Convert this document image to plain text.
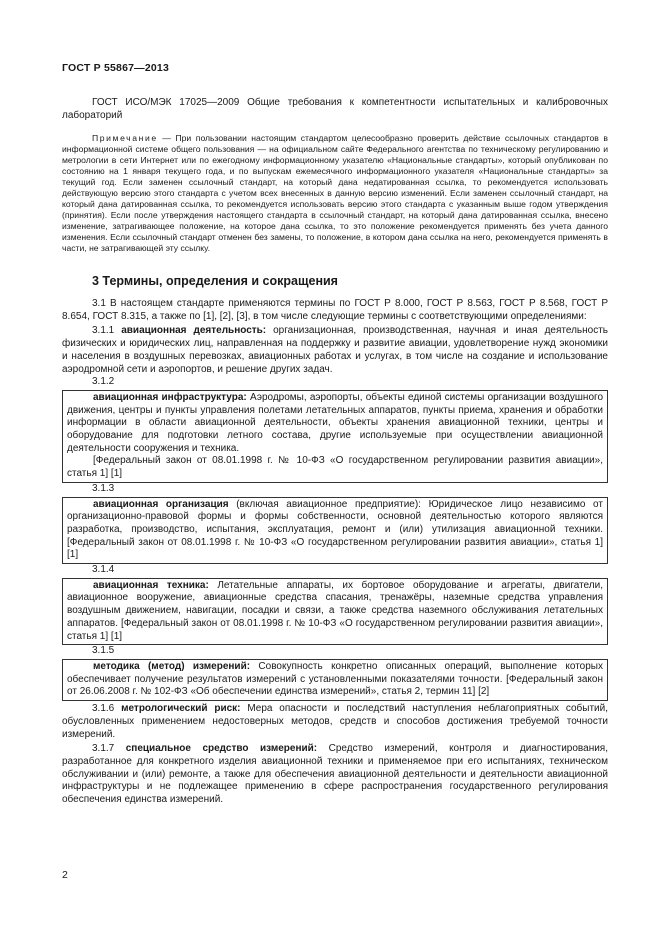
ГОСТ Р 55867—2013

ГОСТ ИСО/МЭК 17025—2009 Общие требования к компетентности испытательных и калибровочных лабораторий

Примечание — При пользовании настоящим стандартом целесообразно проверить действие ссылочных стандартов в информационной системе общего пользования — на официальном сайте Федерального агентства по техническому регулированию и метрологии в сети Интернет или по ежегодному информационному указателю «Национальные стандарты», который опубликован по состоянию на 1 января текущего года, и по выпускам ежемесячного информационного указателя «Национальные стандарты» за текущий год. Если заменен ссылочный стандарт, на который дана недатированная ссылка, то рекомендуется использовать действующую версию этого стандарта с учетом всех внесенных в данную версию изменений. Если заменен ссылочный стандарт, на который дана датированная ссылка, то рекомендуется использовать версию этого стандарта с указанным выше годом утверждения (принятия). Если после утверждения настоящего стандарта в ссылочный стандарт, на который дана датированная ссылка, внесено изменение, затрагивающее положение, на которое дана ссылка, то это положение рекомендуется применять без учета данного изменения. Если ссылочный стандарт отменен без замены, то положение, в котором дана ссылка на него, рекомендуется применять в части, не затрагивающей эту ссылку.

3 Термины, определения и сокращения

3.1 В настоящем стандарте применяются термины по ГОСТ Р 8.000, ГОСТ Р 8.563, ГОСТ Р 8.568, ГОСТ Р 8.654, ГОСТ 8.315, а также по [1], [2], [3], в том числе следующие термины с соответствующими определениями:

3.1.1 авиационная деятельность: организационная, производственная, научная и иная деятельность физических и юридических лиц, направленная на поддержку и развитие авиации, удовлетворение нужд экономики и населения в воздушных перевозках, авиационных работах и услугах, в том числе на создание и использование аэродромной сети и аэропортов, и решение других задач.

3.1.2

авиационная инфраструктура: Аэродромы, аэропорты, объекты единой системы организации воздушного движения, центры и пункты управления полетами летательных аппаратов, пункты приема, хранения и обработки информации в области авиационной деятельности, объекты хранения авиационной техники, центры и оборудование для подготовки летного состава, другие используемые при осуществлении авиационной деятельности сооружения и техника.

[Федеральный закон от 08.01.1998 г. № 10-ФЗ «О государственном регулировании развития авиации», статья 1] [1]

3.1.3

авиационная организация (включая авиационное предприятие): Юридическое лицо независимо от организационно-правовой формы и формы собственности, основной деятельностью которого являются разработка, производство, испытания, эксплуатация, ремонт и (или) утилизация авиационной техники. [Федеральный закон от 08.01.1998 г. № 10-ФЗ «О государственном регулировании развития авиации», статья 1] [1]

3.1.4

авиационная техника: Летательные аппараты, их бортовое оборудование и агрегаты, двигатели, авиационное вооружение, авиационные средства спасания, тренажёры, наземные средства управления воздушным движением, навигации, посадки и связи, а также средства наземного обслуживания летательных аппаратов. [Федеральный закон от 08.01.1998 г. № 10-ФЗ «О государственном регулировании развития авиации», статья 1] [1]

3.1.5

методика (метод) измерений: Совокупность конкретно описанных операций, выполнение которых обеспечивает получение результатов измерений с установленными показателями точности. [Федеральный закон от 26.06.2008 г. № 102-ФЗ «Об обеспечении единства измерений», статья 2, термин 11] [2]

3.1.6 метрологический риск: Мера опасности и последствий наступления неблагоприятных событий, обусловленных применением недостоверных методов, средств и способов достижения требуемой точности измерений.

3.1.7 специальное средство измерений: Средство измерений, контроля и диагностирования, разработанное для конкретного изделия авиационной техники и применяемое при его испытаниях, техническом обслуживании и (или) ремонте, а также для обеспечения авиационной деятельности и деятельности авиационной инфраструктуры и не подлежащее применению в сфере распространения государственного регулирования обеспечения единства измерений.

2
